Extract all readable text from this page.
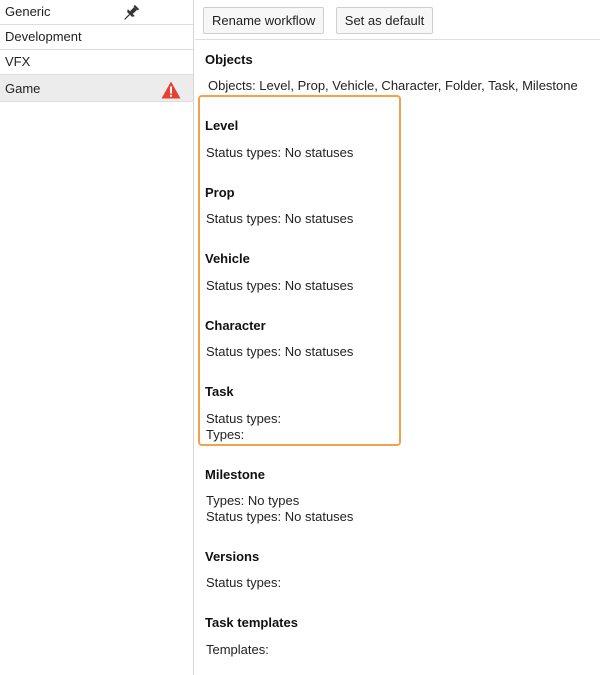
Generic
Development
VFX
Game
Rename workflow Set as default
Objects
Objects: Level, Prop, Vehicle, Character, Folder, Task, Milestone
Level
Status types: No statuses
Prop
Status types: No statuses
Vehicle
Status types: No statuses
Character
Status types: No statuses
Task
Status types:
Types:
Milestone
Types: No types
Status types: No statuses
Versions
Status types:
Task templates
Templates:
